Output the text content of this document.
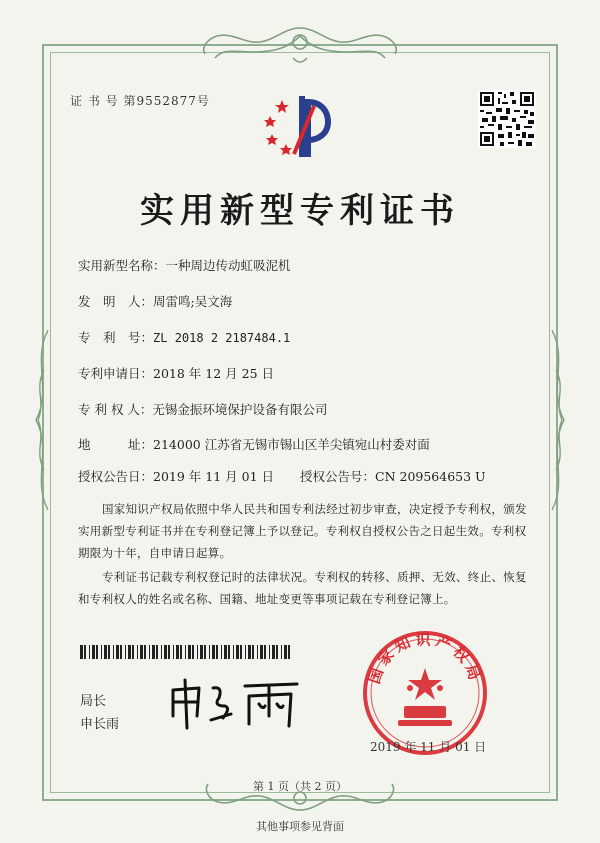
证 书 号 第9552877号
实用新型专利证书
实用新型名称：一种周边传动虹吸泥机
发　明　人：周雷鸣;吴文海
专　利　号：ZL 2018 2 2187484.1
专利申请日：2018 年 12 月 25 日
专 利 权 人：无锡金振环境保护设备有限公司
地　　　址：214000 江苏省无锡市锡山区羊尖镇宛山村委对面
授权公告日：2019 年 11 月 01 日 授权公告号：CN 209564653 U
国家知识产权局依照中华人民共和国专利法经过初步审查，决定授予专利权，颁发实用新型专利证书并在专利登记簿上予以登记。专利权自授权公告之日起生效。专利权期限为十年，自申请日起算。
专利证书记载专利权登记时的法律状况。专利权的转移、质押、无效、终止、恢复和专利权人的姓名或名称、国籍、地址变更等事项记载在专利登记簿上。
局长
申长雨
国家知识产权局
2019 年 11 月 01 日
第 1 页（共 2 页）
其他事项参见背面
